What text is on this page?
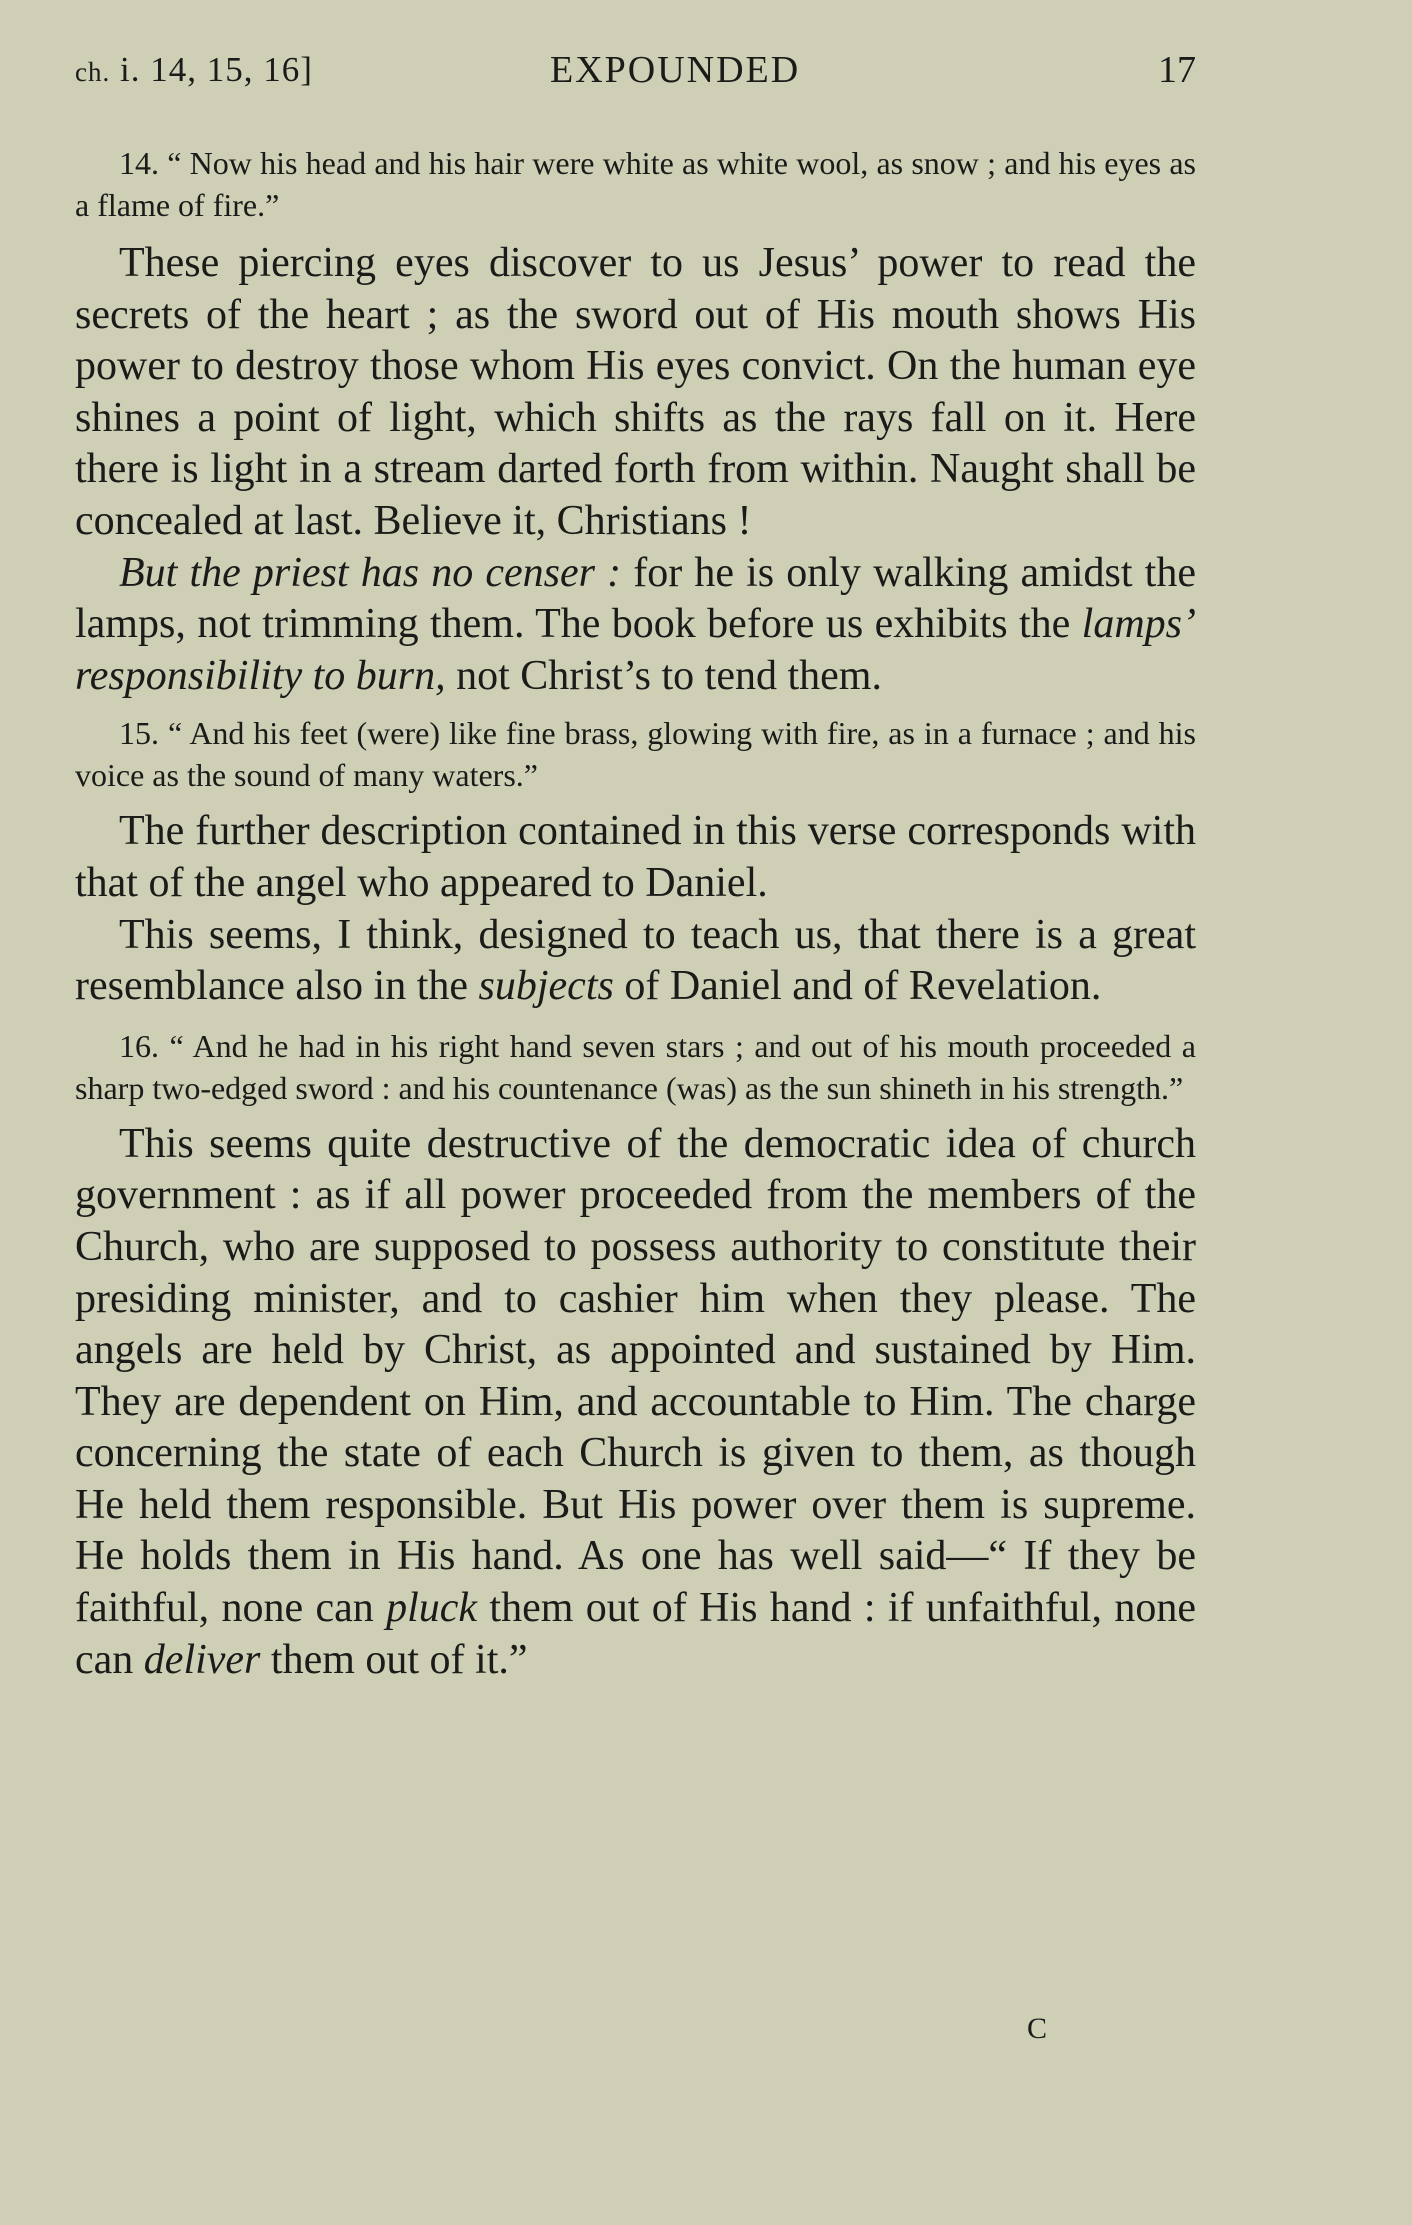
ch. i. 14, 15, 16]	EXPOUNDED	17

14. “ Now his head and his hair were white as white wool, as snow ; and his eyes as a flame of fire.”

These piercing eyes discover to us Jesus’ power to read the secrets of the heart ; as the sword out of His mouth shows His power to destroy those whom His eyes convict. On the human eye shines a point of light, which shifts as the rays fall on it. Here there is light in a stream darted forth from within. Naught shall be concealed at last. Believe it, Christians !

But the priest has no censer : for he is only walking amidst the lamps, not trimming them. The book before us exhibits the lamps’ responsibility to burn, not Christ’s to tend them.

15. “ And his feet (were) like fine brass, glowing with fire, as in a furnace ; and his voice as the sound of many waters.”

The further description contained in this verse corresponds with that of the angel who appeared to Daniel.

This seems, I think, designed to teach us, that there is a great resemblance also in the subjects of Daniel and of Revelation.

16. “ And he had in his right hand seven stars ; and out of his mouth proceeded a sharp two-edged sword : and his countenance (was) as the sun shineth in his strength.”

This seems quite destructive of the democratic idea of church government : as if all power proceeded from the members of the Church, who are supposed to possess authority to constitute their presiding minister, and to cashier him when they please. The angels are held by Christ, as appointed and sustained by Him. They are dependent on Him, and accountable to Him. The charge concerning the state of each Church is given to them, as though He held them responsible. But His power over them is supreme. He holds them in His hand. As one has well said—“ If they be faithful, none can pluck them out of His hand : if unfaithful, none can deliver them out of it.”

C
